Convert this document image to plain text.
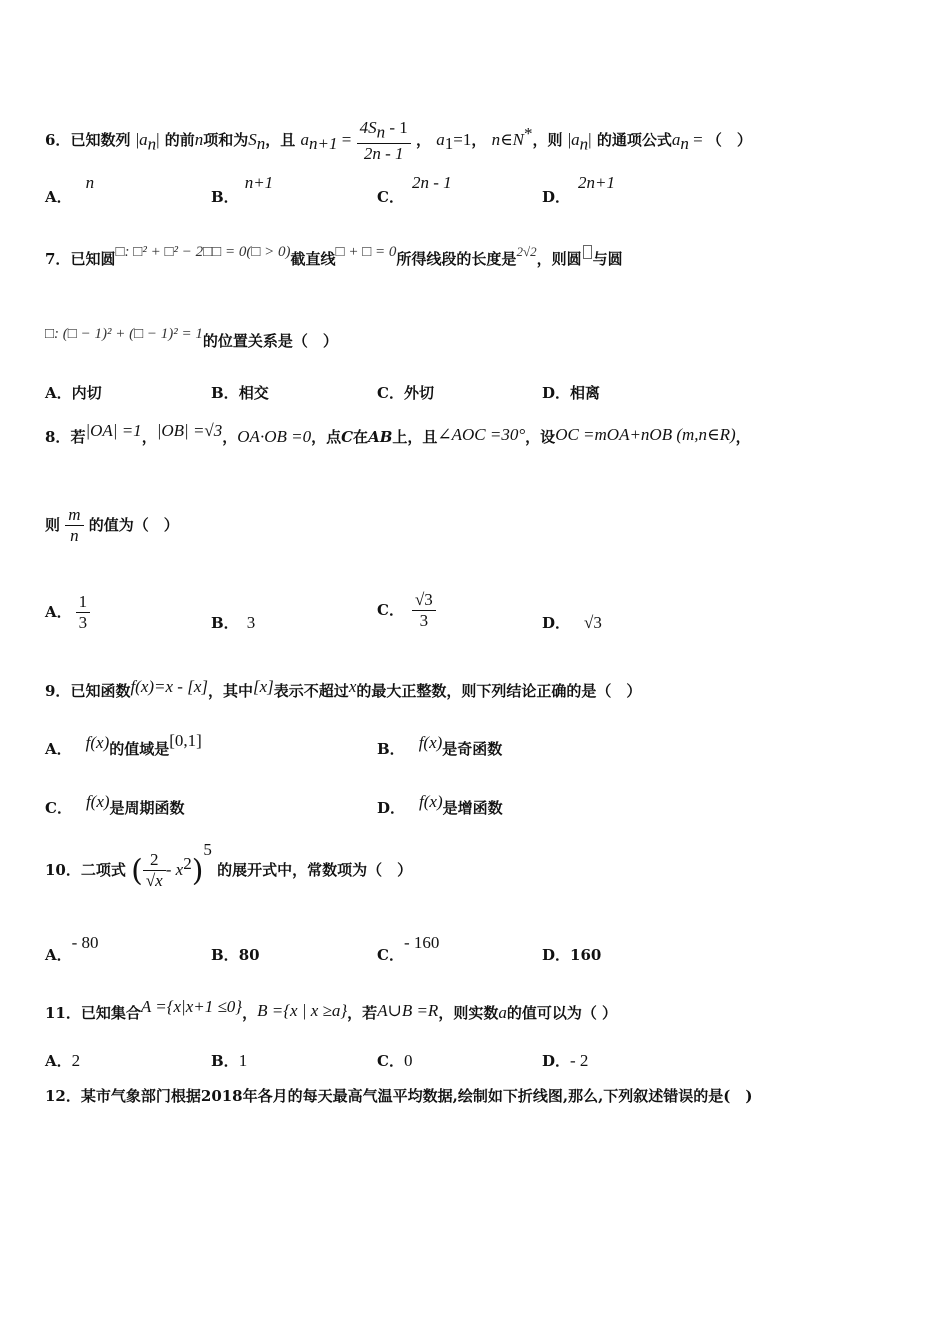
6．已知数列 $|a_n|$ 的前n项和为$S_n$，且 $a_{n+1} = \frac{4S_n - 1}{2n - 1}$ ， $a_1=1$， n∈N*，则 $|a_n|$ 的通项公式$a_n$ = （　）
A．n
B．n+1
C．2n - 1
D．2n+1
7．已知圆□: □² + □² − 2□□ = 0(□ > 0)截直线□ + □ = 0所得线段的长度是2√2，则圆 与圆
□: (□ − 1)² + (□ − 1)² = 1的位置关系是（　）
A．内切	B．相交	C．外切	D．相离
8．若|OA| =1，|OB| =√3，OA·OB =0，点C在AB上，且∠AOC =30°，设OC =mOA+nOB (m,n∈R)，
则 $\frac{m}{n}$ 的值为（　）
A． $\frac{1}{3}$	B． 3
C． $\frac{√3}{3}$	D． √3
9．已知函数f(x)=x - [x]，其中[x]表示不超过x的最大正整数，则下列结论正确的是（　）
A． f(x)的值域是[0,1]	B． f(x)是奇函数
C． f(x)是周期函数	D． f(x)是增函数
10．二项式 ( $\frac{2}{√x} - x^2)^5$ 的展开式中，常数项为（　）
A．- 80
B．80	C．- 160
D．160
11．已知集合A ={x|x+1 ≤0}，B ={x | x ≥a}，若A∪B =R，则实数a的值可以为（ ）
A．2	B．1	C．0	D．- 2
12．某市气象部门根据2018年各月的每天最高气温平均数据,绘制如下折线图,那么,下列叙述错误的是(　)
